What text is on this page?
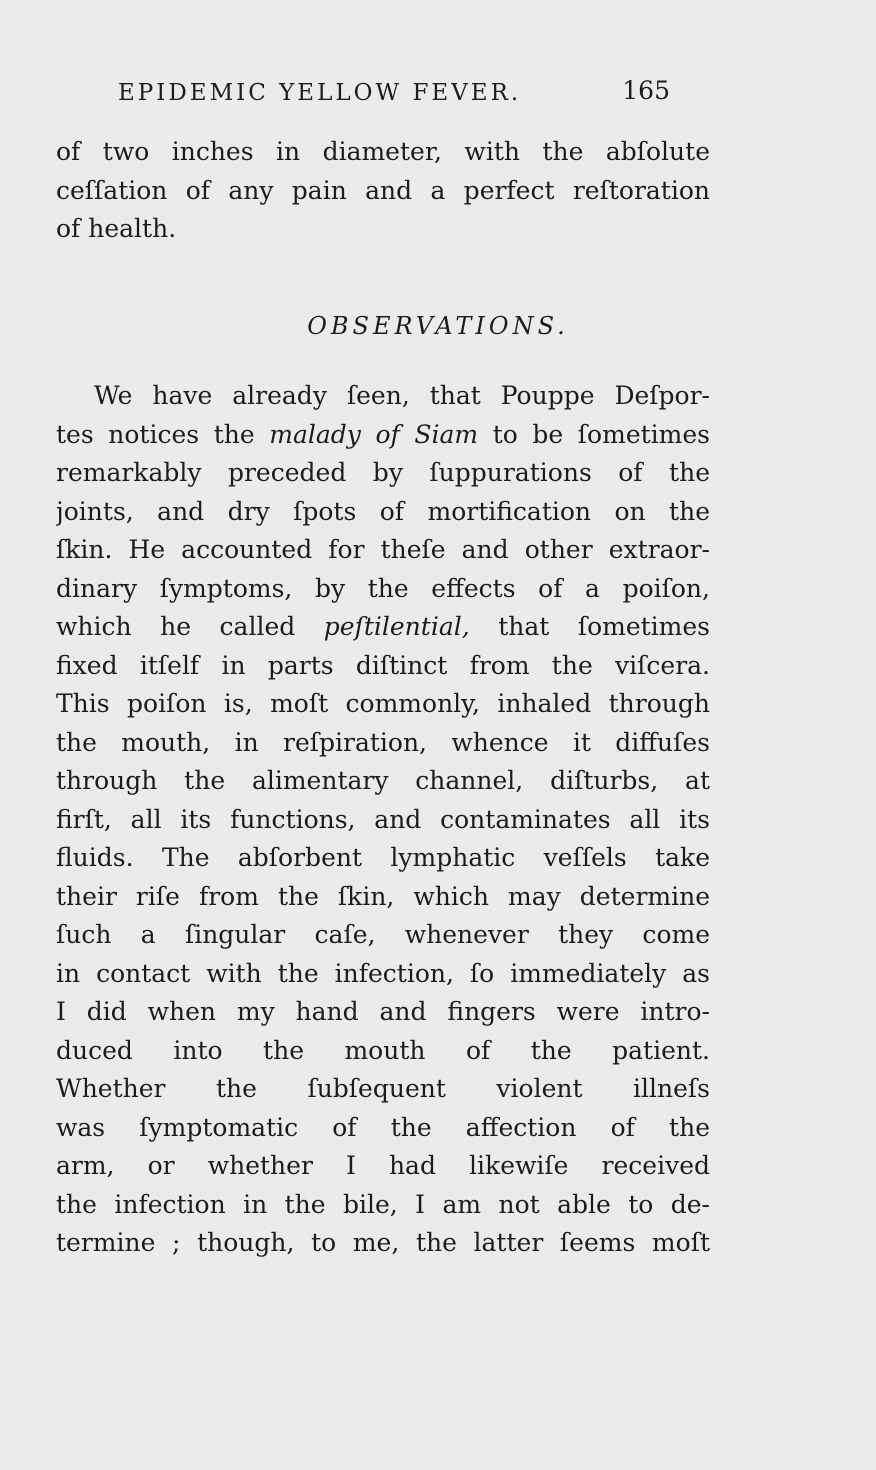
EPIDEMIC YELLOW FEVER.	165
of two inches in diameter, with the abſolute
ceſſation of any pain and a perfect reſtoration
of health.
OBSERVATIONS.
We have already ſeen, that Pouppe Deſpor-
tes notices the malady of Siam to be ſometimes
remarkably preceded by ſuppurations of the
joints, and dry ſpots of mortification on the
ſkin. He accounted for theſe and other extraor-
dinary ſymptoms, by the effects of a poiſon,
which he called peſtilential, that ſometimes
fixed itſelf in parts diſtinct from the viſcera.
This poiſon is, moſt commonly, inhaled through
the mouth, in reſpiration, whence it diffuſes
through the alimentary channel, diſturbs, at
firſt, all its functions, and contaminates all its
fluids. The abſorbent lymphatic veſſels take
their riſe from the ſkin, which may determine
ſuch a ſingular caſe, whenever they come
in contact with the infection, ſo immediately as
I did when my hand and fingers were intro-
duced into the mouth of the patient.
Whether the ſubſequent violent illneſs
was ſymptomatic of the affection of the
arm, or whether I had likewiſe received
the infection in the bile, I am not able to de-
termine ; though, to me, the latter ſeems moſt
